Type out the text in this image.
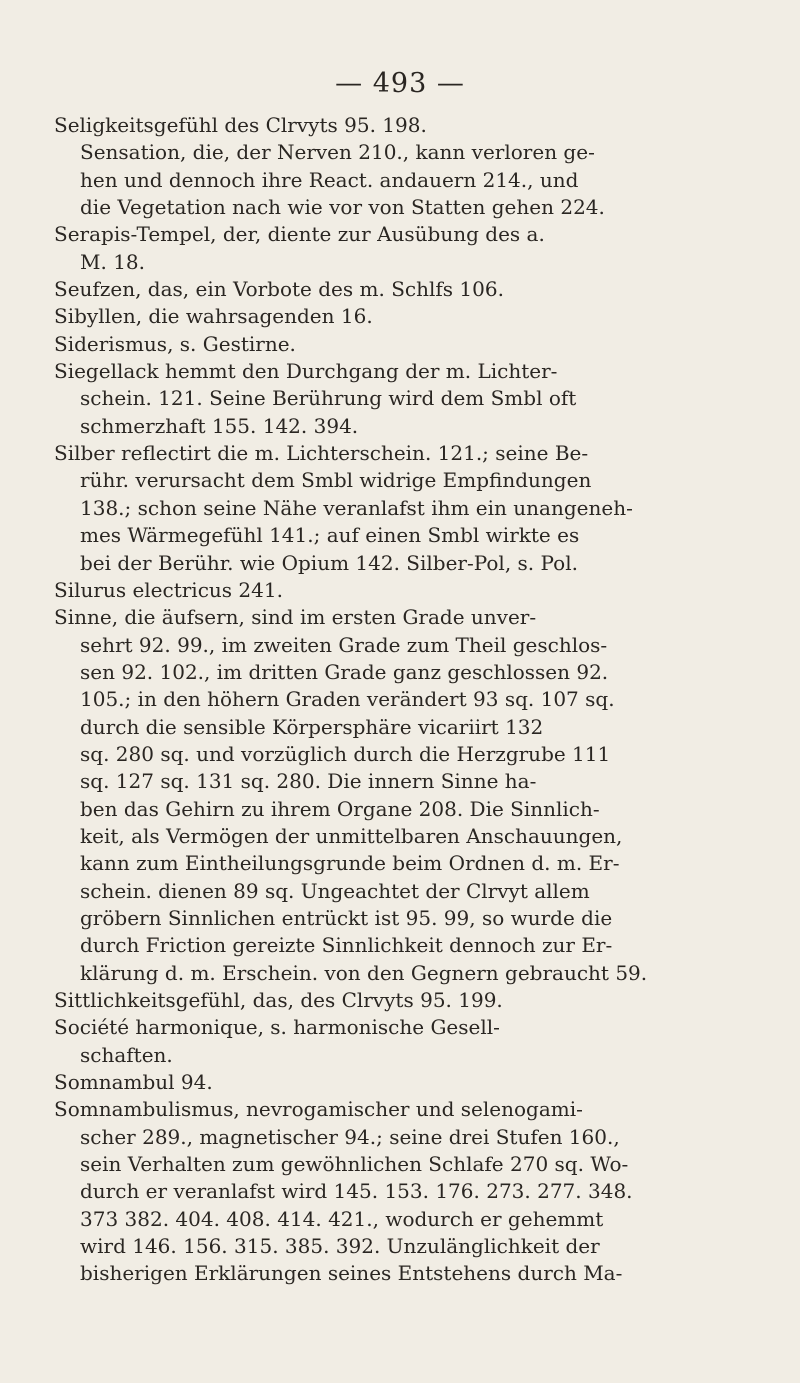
— 493 —
Seligkeitsgefühl des Clrvyts 95. 198.
Sensation, die, der Nerven 210., kann verloren ge-
hen und dennoch ihre React. andauern 214., und
die Vegetation nach wie vor von Statten gehen 224.
Serapis-Tempel, der, diente zur Ausübung des a.
M. 18.
Seufzen, das, ein Vorbote des m. Schlfs 106.
Sibyllen, die wahrsagenden 16.
Siderismus, s. Gestirne.
Siegellack hemmt den Durchgang der m. Lichter-
schein. 121. Seine Berührung wird dem Smbl oft
schmerzhaft 155. 142. 394.
Silber reflectirt die m. Lichterschein. 121.; seine Be-
rühr. verursacht dem Smbl widrige Empfindungen
138.; schon seine Nähe veranlafst ihm ein unangeneh-
mes Wärmegefühl 141.; auf einen Smbl wirkte es
bei der Berühr. wie Opium 142. Silber-Pol, s. Pol.
Silurus electricus 241.
Sinne, die äufsern, sind im ersten Grade unver-
sehrt 92. 99., im zweiten Grade zum Theil geschlos-
sen 92. 102., im dritten Grade ganz geschlossen 92.
105.; in den höhern Graden verändert 93 sq. 107 sq.
durch die sensible Körpersphäre vicariirt 132
sq. 280 sq. und vorzüglich durch die Herzgrube 111
sq. 127 sq. 131 sq. 280. Die innern Sinne ha-
ben das Gehirn zu ihrem Organe 208. Die Sinnlich-
keit, als Vermögen der unmittelbaren Anschauungen,
kann zum Eintheilungsgrunde beim Ordnen d. m. Er-
schein. dienen 89 sq. Ungeachtet der Clrvyt allem
gröbern Sinnlichen entrückt ist 95. 99, so wurde die
durch Friction gereizte Sinnlichkeit dennoch zur Er-
klärung d. m. Erschein. von den Gegnern gebraucht 59.
Sittlichkeitsgefühl, das, des Clrvyts 95. 199.
Société harmonique, s. harmonische Gesell-
schaften.
Somnambul 94.
Somnambulismus, nevrogamischer und selenogami-
scher 289., magnetischer 94.; seine drei Stufen 160.,
sein Verhalten zum gewöhnlichen Schlafe 270 sq. Wo-
durch er veranlafst wird 145. 153. 176. 273. 277. 348.
373 382. 404. 408. 414. 421., wodurch er gehemmt
wird 146. 156. 315. 385. 392. Unzulänglichkeit der
bisherigen Erklärungen seines Entstehens durch Ma-
